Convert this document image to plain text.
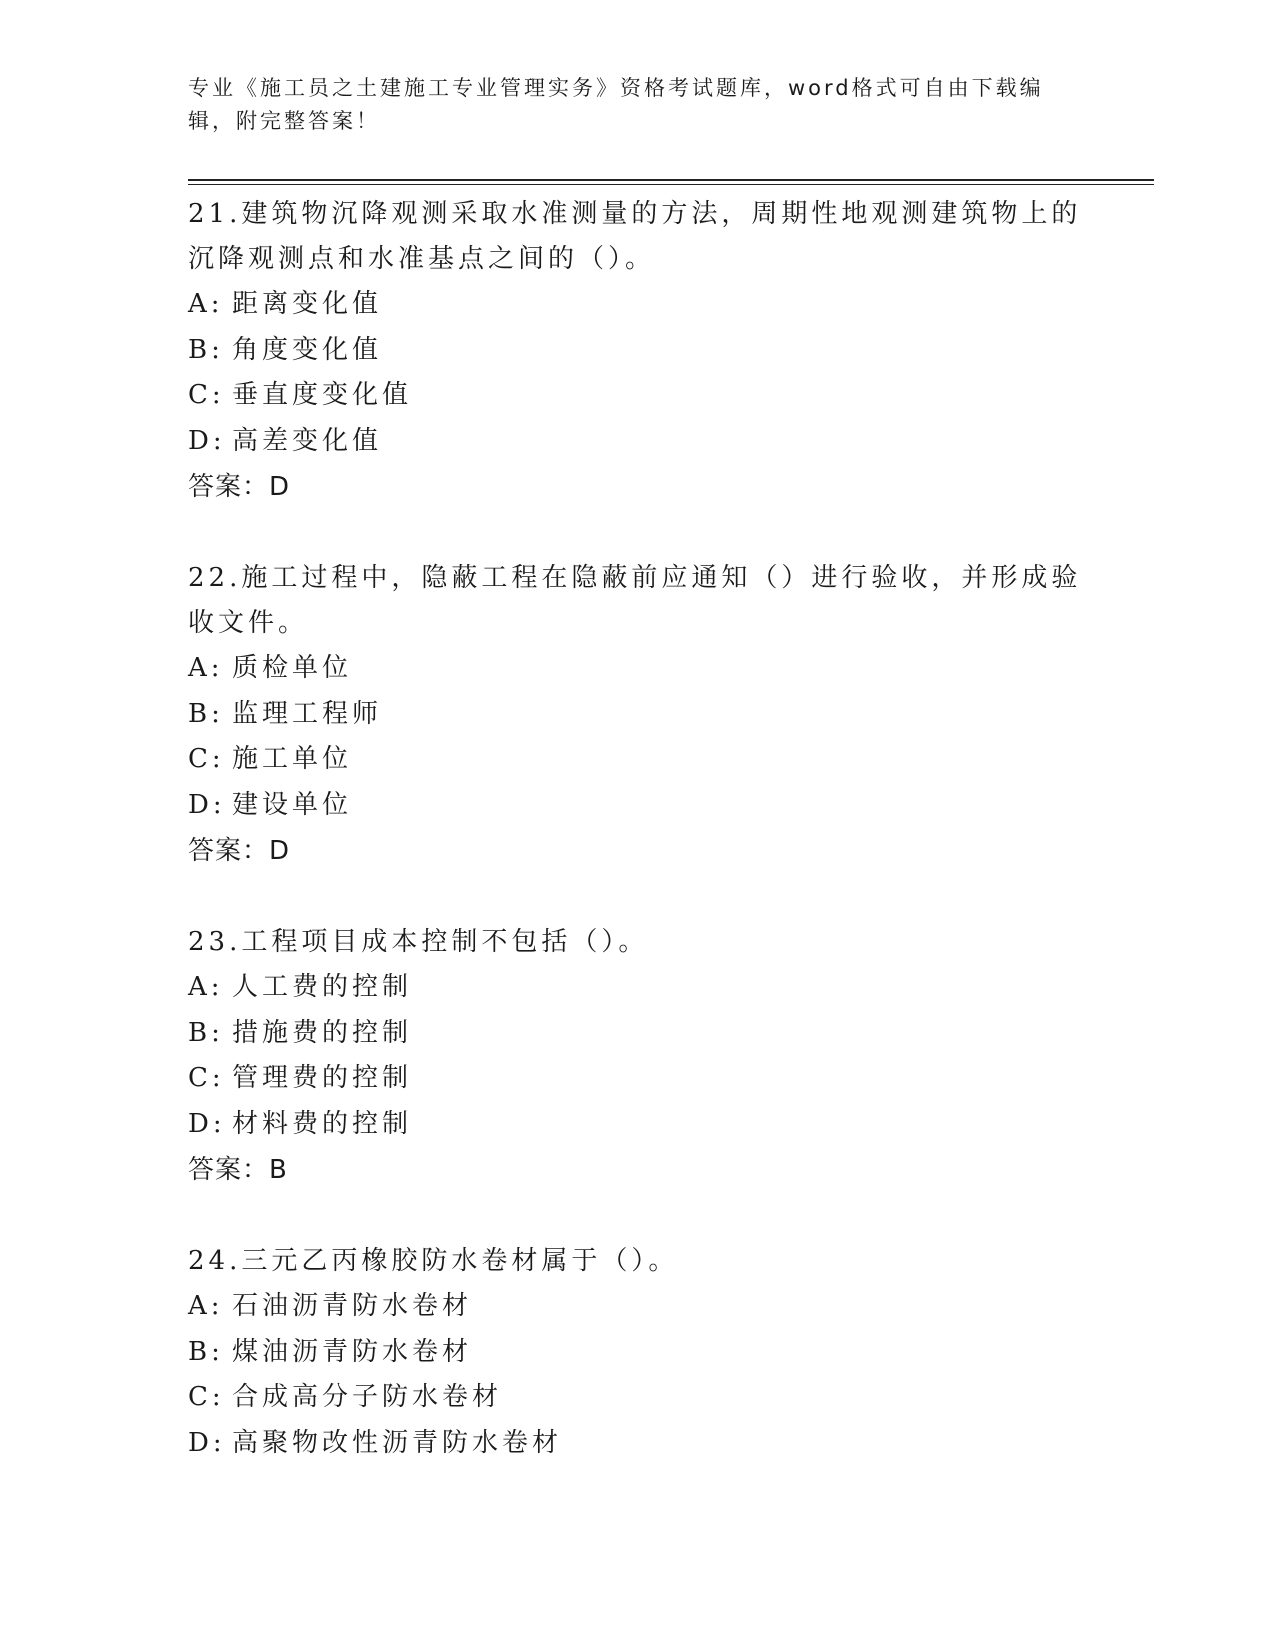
专业《施工员之土建施工专业管理实务》资格考试题库，word格式可自由下载编辑，附完整答案！
21.建筑物沉降观测采取水准测量的方法，周期性地观测建筑物上的沉降观测点和水准基点之间的（）。
A: 距离变化值
B: 角度变化值
C: 垂直度变化值
D: 高差变化值
答案：D
22.施工过程中，隐蔽工程在隐蔽前应通知（）进行验收，并形成验收文件。
A: 质检单位
B: 监理工程师
C: 施工单位
D: 建设单位
答案：D
23.工程项目成本控制不包括（）。
A: 人工费的控制
B: 措施费的控制
C: 管理费的控制
D: 材料费的控制
答案：B
24.三元乙丙橡胶防水卷材属于（）。
A: 石油沥青防水卷材
B: 煤油沥青防水卷材
C: 合成高分子防水卷材
D: 高聚物改性沥青防水卷材
